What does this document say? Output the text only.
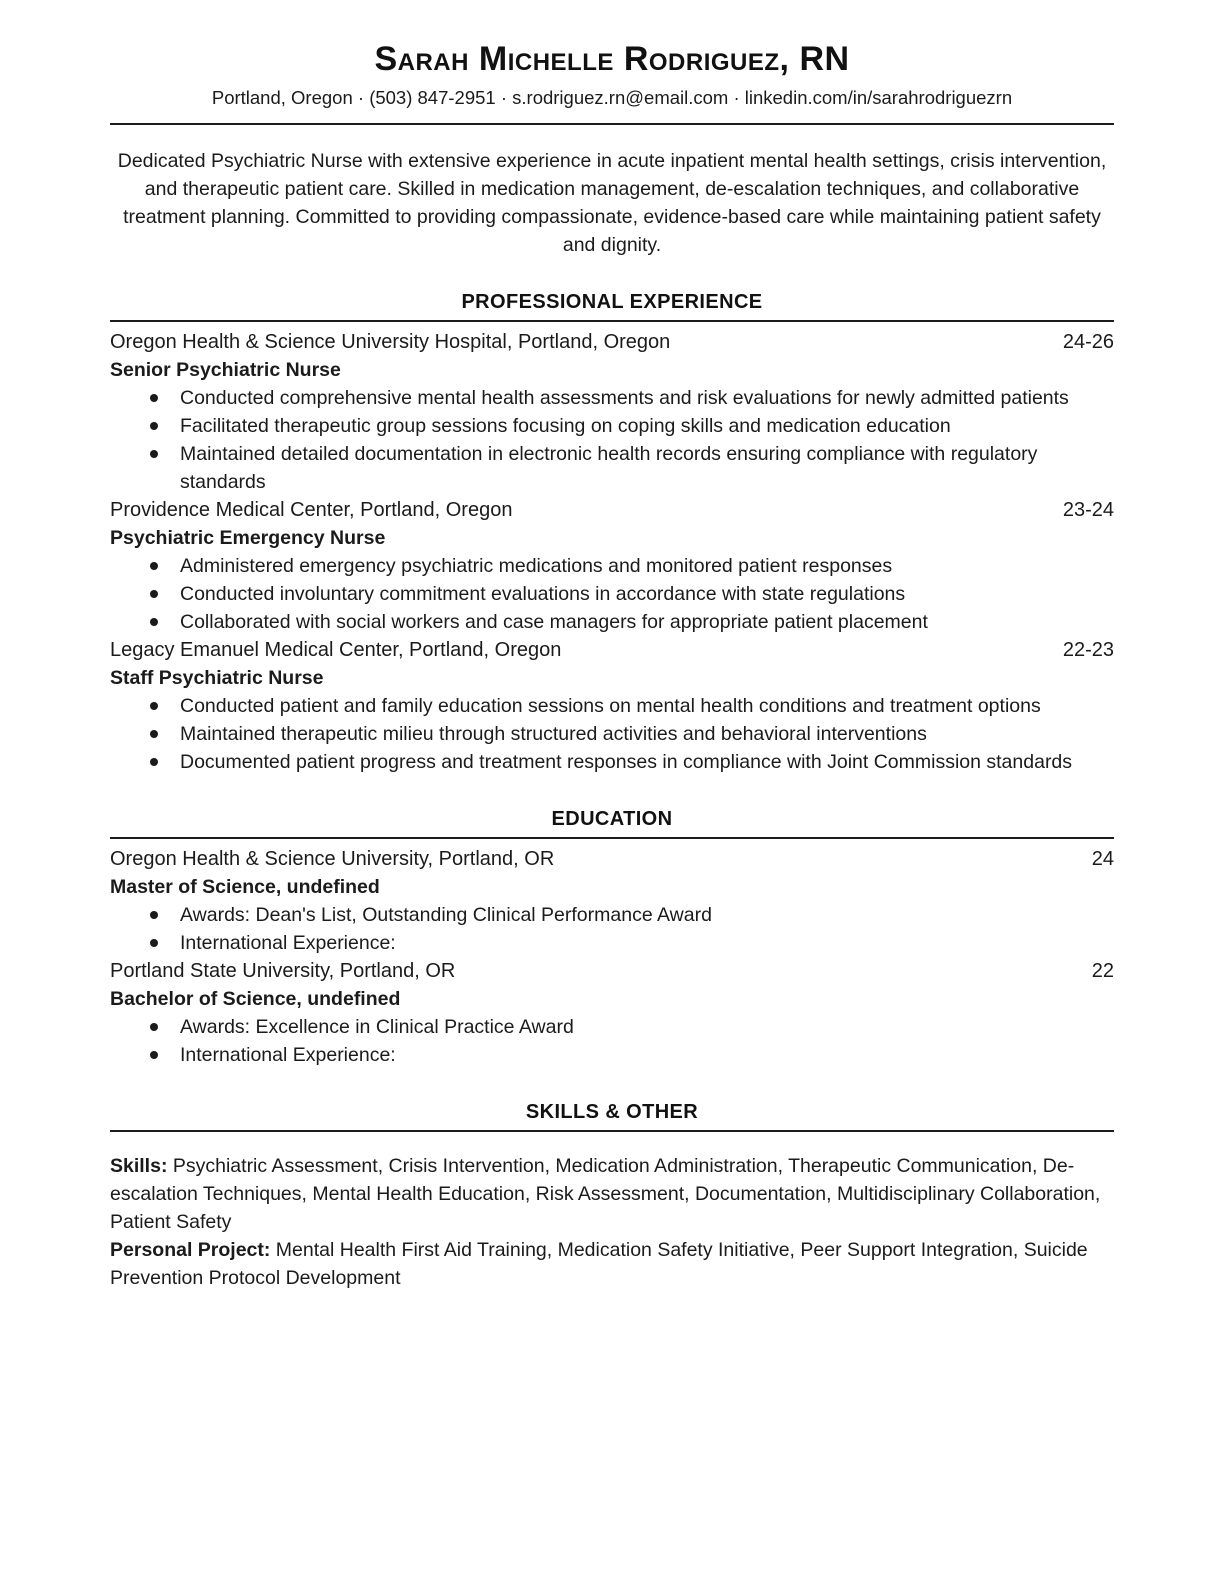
Sarah Michelle Rodriguez, RN
Portland, Oregon · (503) 847-2951 · s.rodriguez.rn@email.com · linkedin.com/in/sarahrodriguezrn
Dedicated Psychiatric Nurse with extensive experience in acute inpatient mental health settings, crisis intervention, and therapeutic patient care. Skilled in medication management, de-escalation techniques, and collaborative treatment planning. Committed to providing compassionate, evidence-based care while maintaining patient safety and dignity.
PROFESSIONAL EXPERIENCE
Oregon Health & Science University Hospital, Portland, Oregon	24-26
Senior Psychiatric Nurse
Conducted comprehensive mental health assessments and risk evaluations for newly admitted patients
Facilitated therapeutic group sessions focusing on coping skills and medication education
Maintained detailed documentation in electronic health records ensuring compliance with regulatory standards
Providence Medical Center, Portland, Oregon	23-24
Psychiatric Emergency Nurse
Administered emergency psychiatric medications and monitored patient responses
Conducted involuntary commitment evaluations in accordance with state regulations
Collaborated with social workers and case managers for appropriate patient placement
Legacy Emanuel Medical Center, Portland, Oregon	22-23
Staff Psychiatric Nurse
Conducted patient and family education sessions on mental health conditions and treatment options
Maintained therapeutic milieu through structured activities and behavioral interventions
Documented patient progress and treatment responses in compliance with Joint Commission standards
EDUCATION
Oregon Health & Science University, Portland, OR	24
Master of Science, undefined
Awards: Dean's List, Outstanding Clinical Performance Award
International Experience:
Portland State University, Portland, OR	22
Bachelor of Science, undefined
Awards: Excellence in Clinical Practice Award
International Experience:
SKILLS & OTHER
Skills: Psychiatric Assessment, Crisis Intervention, Medication Administration, Therapeutic Communication, De-escalation Techniques, Mental Health Education, Risk Assessment, Documentation, Multidisciplinary Collaboration, Patient Safety
Personal Project: Mental Health First Aid Training, Medication Safety Initiative, Peer Support Integration, Suicide Prevention Protocol Development
